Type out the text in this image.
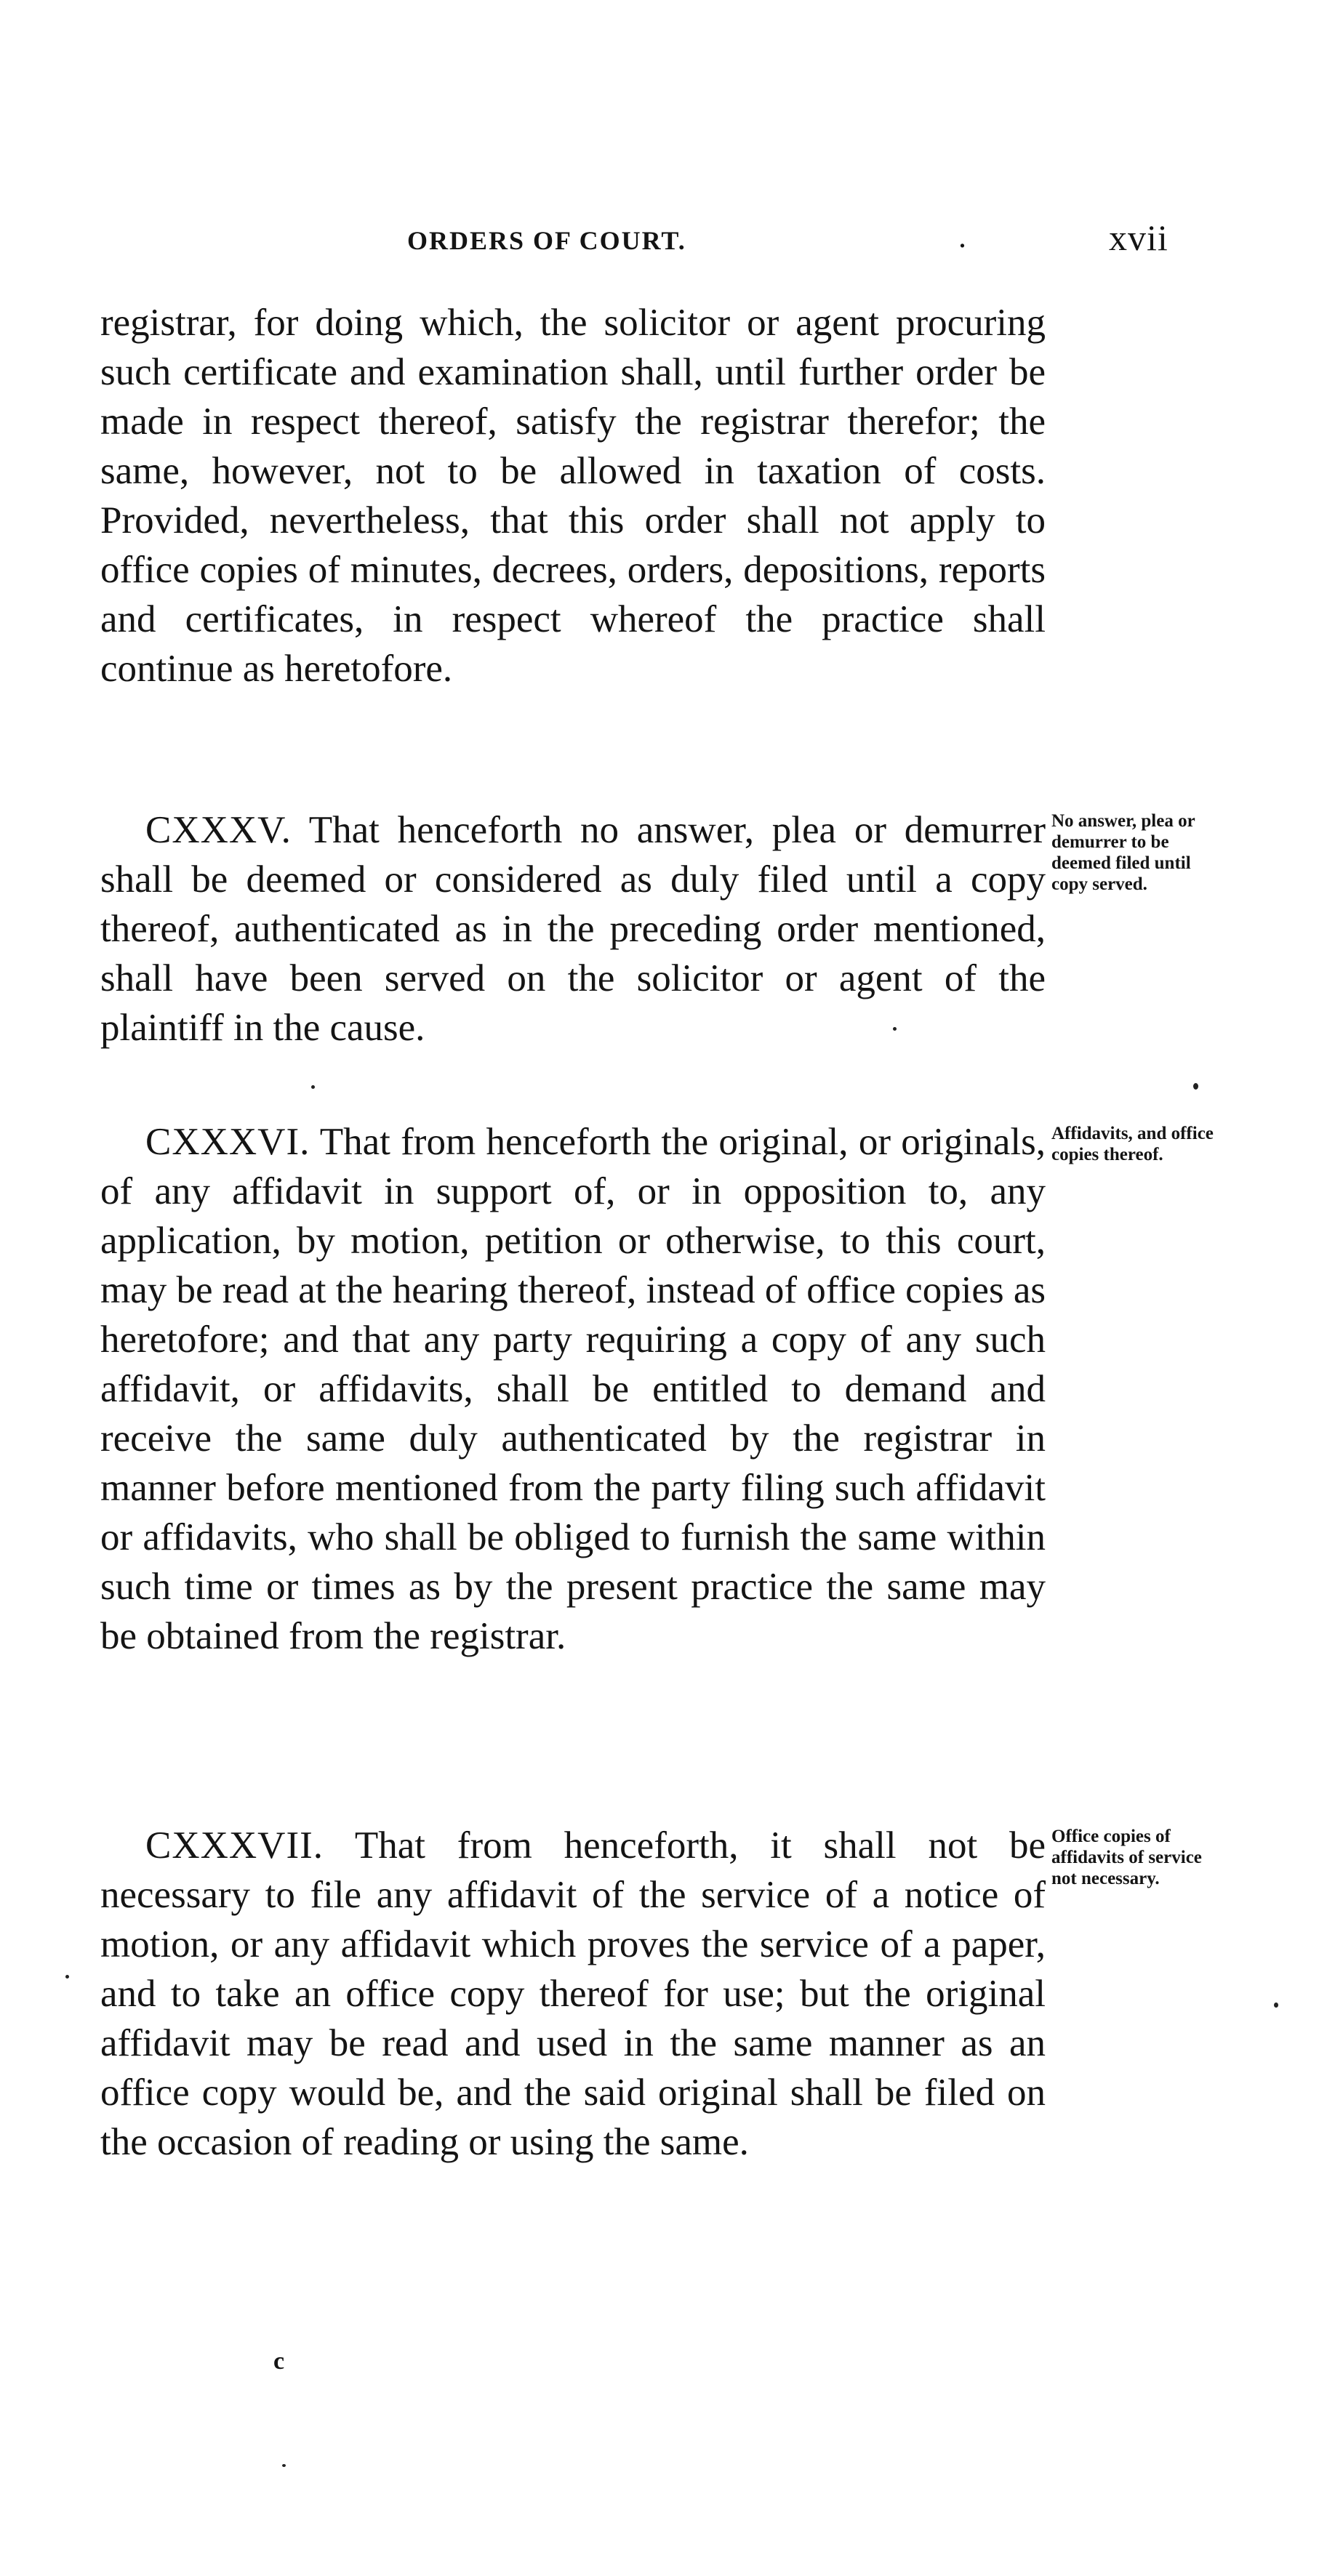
ORDERS OF COURT.	.	xvii

registrar, for doing which, the solicitor or agent procuring such certificate and examination shall, until further order be made in respect thereof, satisfy the registrar therefor; the same, however, not to be allowed in taxation of costs. Provided, nevertheless, that this order shall not apply to office copies of minutes, decrees, orders, depositions, reports and certificates, in respect whereof the practice shall continue as heretofore.

CXXXV. That henceforth no answer, plea or demurrer shall be deemed or considered as duly filed until a copy thereof, authenticated as in the preceding order mentioned, shall have been served on the solicitor or agent of the plaintiff in the cause.

No answer, plea or demurrer to be deemed filed until copy served.

CXXXVI. That from henceforth the original, or originals, of any affidavit in support of, or in opposition to, any application, by motion, petition or otherwise, to this court, may be read at the hearing thereof, instead of office copies as heretofore; and that any party requiring a copy of any such affidavit, or affidavits, shall be entitled to demand and receive the same duly authenticated by the registrar in manner before mentioned from the party filing such affidavit or affidavits, who shall be obliged to furnish the same within such time or times as by the present practice the same may be obtained from the registrar.

Affidavits, and office copies thereof.

CXXXVII. That from henceforth, it shall not be necessary to file any affidavit of the service of a notice of motion, or any affidavit which proves the service of a paper, and to take an office copy thereof for use; but the original affidavit may be read and used in the same manner as an office copy would be, and the said original shall be filed on the occasion of reading or using the same.

Office copies of affidavits of service not necessary.

c
